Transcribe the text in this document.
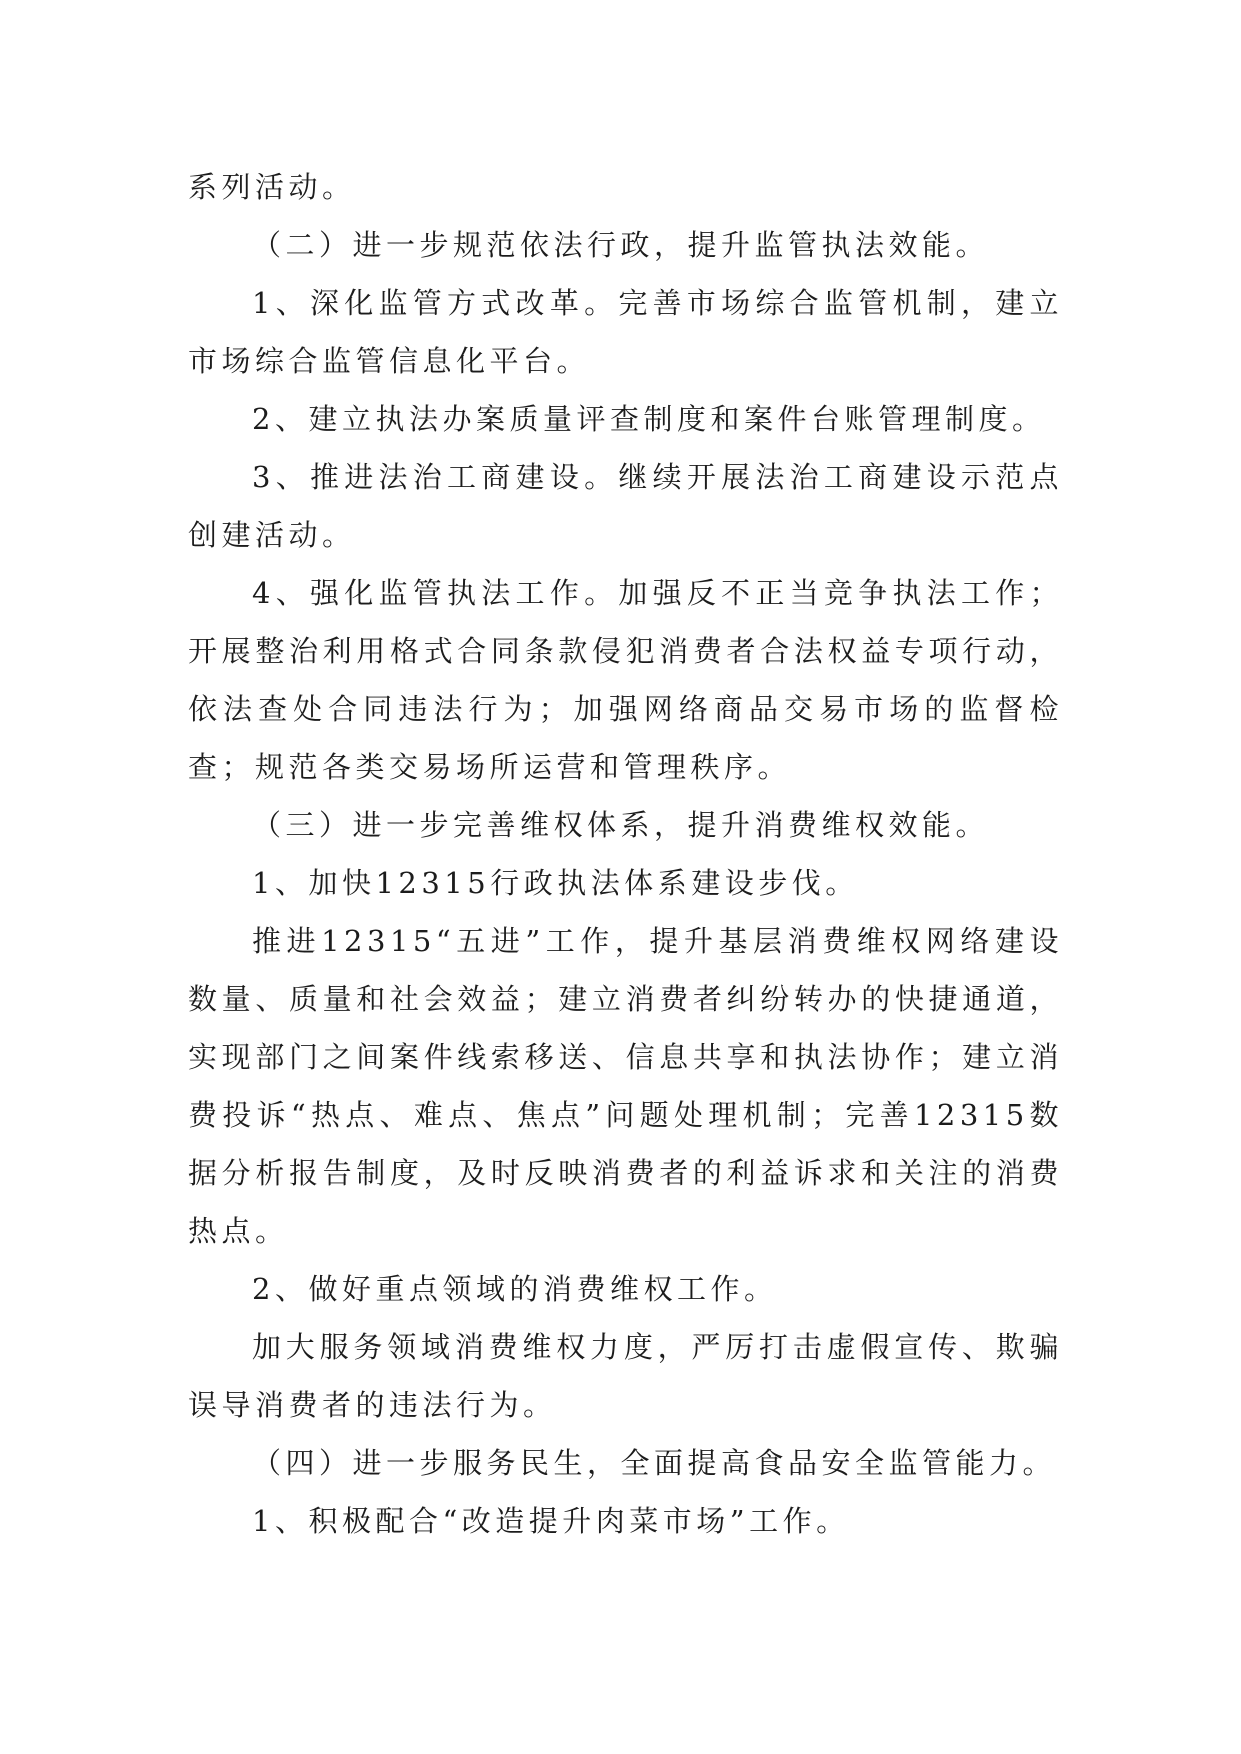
系列活动。

（二）进一步规范依法行政，提升监管执法效能。

1、深化监管方式改革。完善市场综合监管机制，建立市场综合监管信息化平台。

2、建立执法办案质量评查制度和案件台账管理制度。

3、推进法治工商建设。继续开展法治工商建设示范点创建活动。

4、强化监管执法工作。加强反不正当竞争执法工作；开展整治利用格式合同条款侵犯消费者合法权益专项行动，依法查处合同违法行为；加强网络商品交易市场的监督检查；规范各类交易场所运营和管理秩序。

（三）进一步完善维权体系，提升消费维权效能。

1、加快12315行政执法体系建设步伐。

推进12315“五进”工作，提升基层消费维权网络建设数量、质量和社会效益；建立消费者纠纷转办的快捷通道，实现部门之间案件线索移送、信息共享和执法协作；建立消费投诉“热点、难点、焦点”问题处理机制；完善12315数据分析报告制度，及时反映消费者的利益诉求和关注的消费热点。

2、做好重点领域的消费维权工作。

加大服务领域消费维权力度，严厉打击虚假宣传、欺骗误导消费者的违法行为。

（四）进一步服务民生，全面提高食品安全监管能力。

1、积极配合“改造提升肉菜市场”工作。
